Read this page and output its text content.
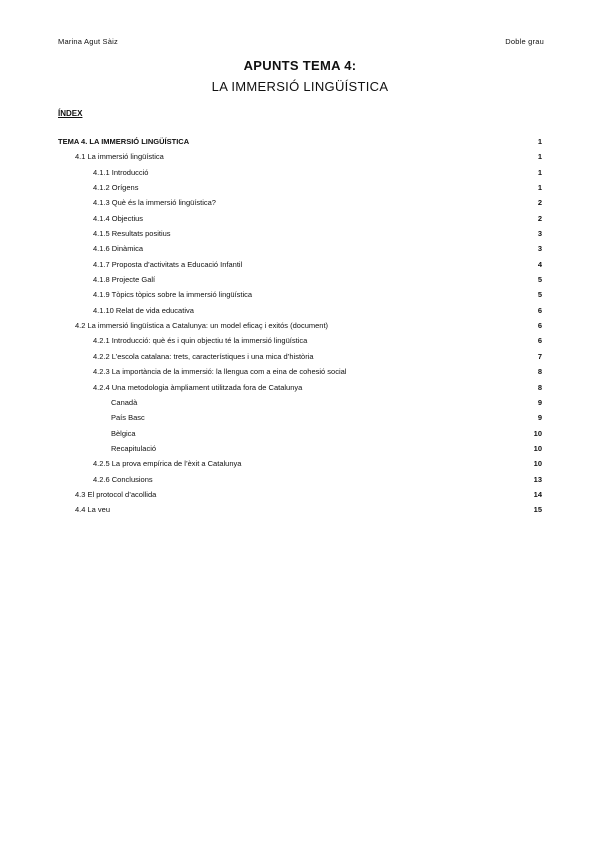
Marina Agut Sàiz	Doble grau
APUNTS TEMA 4:
LA IMMERSIÓ LINGÜÍSTICA
ÍNDEX
TEMA 4. LA IMMERSIÓ LINGÜÍSTICA	1
4.1 La immersió lingüística	1
4.1.1 Introducció	1
4.1.2 Orígens	1
4.1.3 Què és la immersió lingüística?	2
4.1.4 Objectius	2
4.1.5 Resultats positius	3
4.1.6 Dinàmica	3
4.1.7 Proposta d’activitats a Educació Infantil	4
4.1.8 Projecte Galí	5
4.1.9 Tòpics tòpics sobre la immersió lingüística	5
4.1.10 Relat de vida educativa	6
4.2 La immersió lingüística a Catalunya: un model eficaç i exitós (document)	6
4.2.1 Introducció: què és i quin objectiu té la immersió lingüística	6
4.2.2 L’escola catalana: trets, característiques i una mica d’història	7
4.2.3 La importància de la immersió: la llengua com a eina de cohesió social	8
4.2.4 Una metodologia àmpliament utilitzada fora de Catalunya	8
Canadà	9
País Basc	9
Bèlgica	10
Recapitulació	10
4.2.5 La prova empírica de l’èxit a Catalunya	10
4.2.6 Conclusions	13
4.3 El protocol d’acollida	14
4.4 La veu	15
